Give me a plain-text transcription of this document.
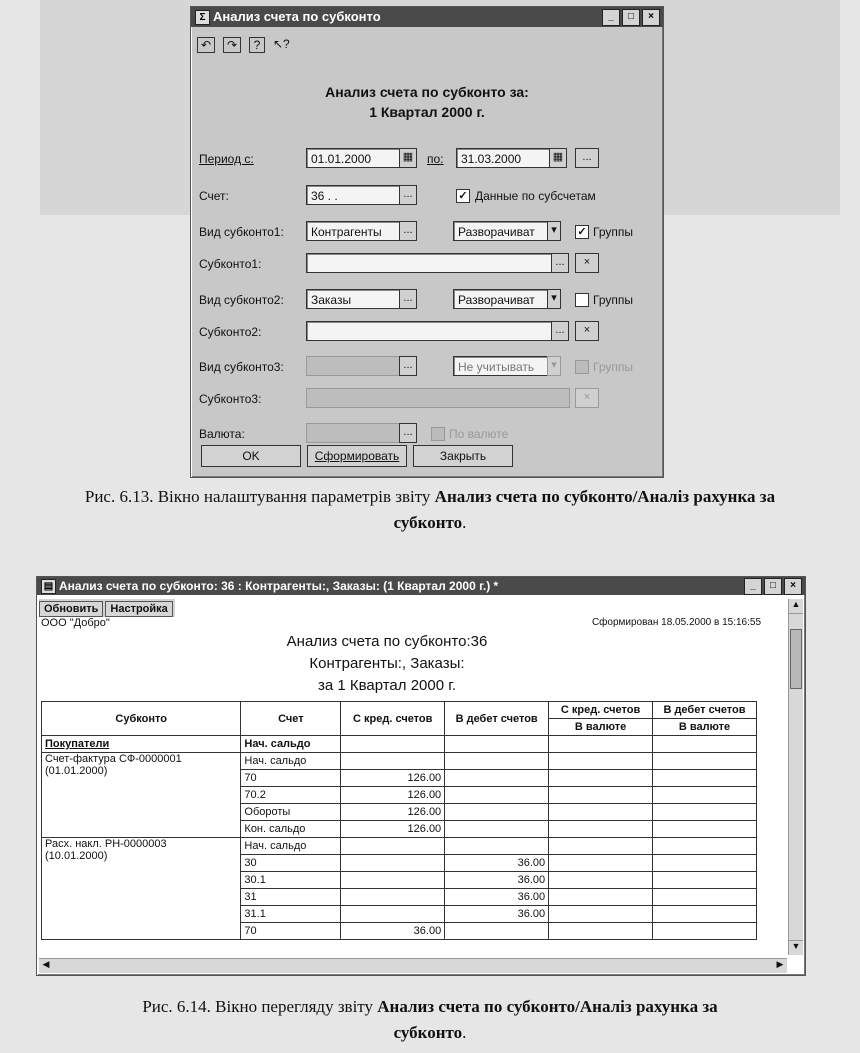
Σ Анализ счета по субконто	_	□	×
↶	↷	?	↖?
Анализ счета по субконто за:
1 Квартал 2000 г.
Период с:	01.01.2000	▦	по:	31.03.2000	▦	...
Счет:	36 . .	...	✓ Данные по субсчетам
Вид субконто1:	Контрагенты	...	Разворачиват	▾	✓ Группы
Субконто1:	...	×
Вид субконто2:	Заказы	...	Разворачиват	▾	Группы
Субконто2:	...	×
Вид субконто3:	...	Не учитывать	▾	Группы
Субконто3:	×
Валюта:	...	По валюте
OK	Сформировать	Закрыть
Рис. 6.13. Вікно налаштування параметрів звіту Анализ счета по субконто/Аналіз рахунка за субконто.
▤ Анализ счета по субконто: 36 : Контрагенты:, Заказы: (1 Квартал 2000 г.) *	_	□	×
Обновить Настройка	▲
▼
◀	▶
ООО "Добро"	Сформирован 18.05.2000 в 15:16:55
Анализ счета по субконто:36
Контрагенты:, Заказы:
за 1 Квартал 2000 г.
Субконто	Счет	С кред. счетов	В дебет счетов	С кред. счетов	В дебет счетов
				В валюте	В валюте
Покупатели	Нач. сальдо				

Счет-фактура СФ-0000001
(01.01.2000)	Нач. сальдо				
	70	126.00			
	70.2	126.00			
	Обороты	126.00			
	Кон. сальдо	126.00			

Расх. накл. РН-0000003
(10.01.2000)	Нач. сальдо				
	30		36.00		
	30.1		36.00		
	31		36.00		
	31.1		36.00		
	70	36.00			
Рис. 6.14. Вікно перегляду звіту Анализ счета по субконто/Аналіз рахунка за субконто.
